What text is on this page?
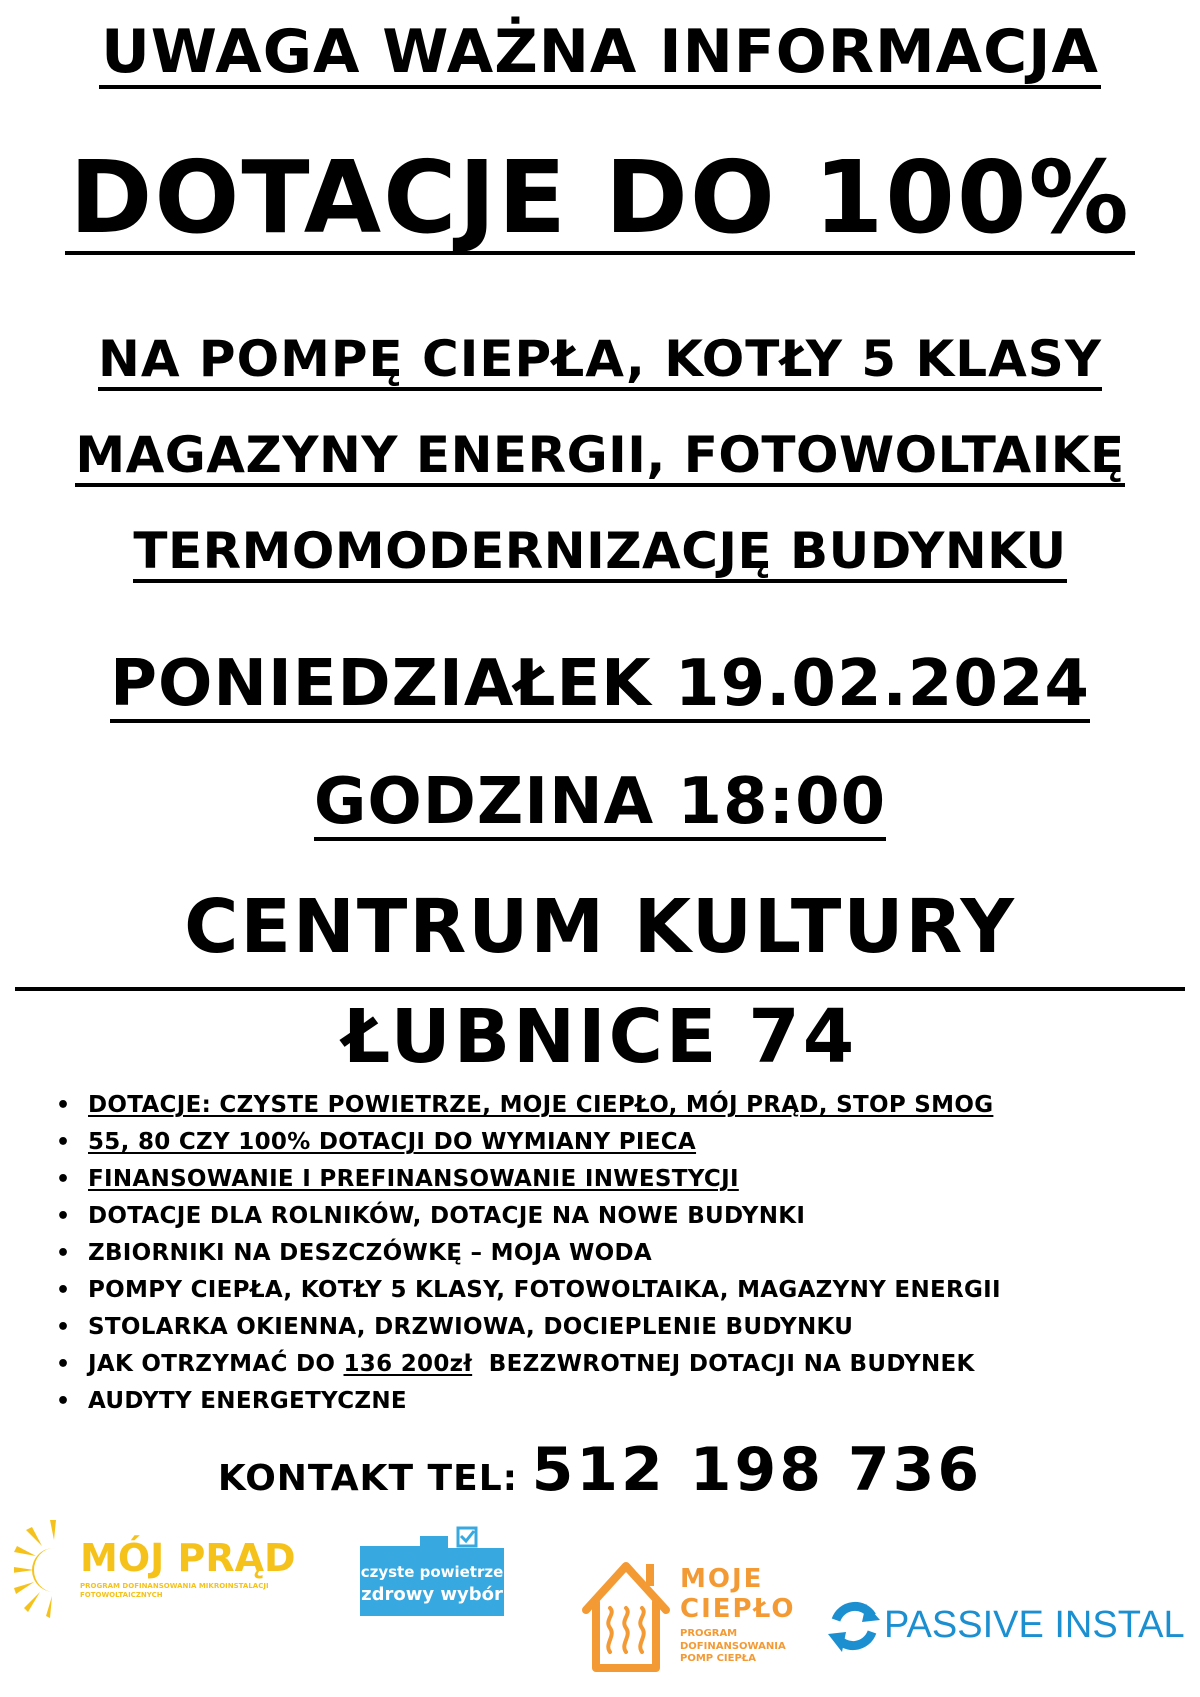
UWAGA WAŻNA INFORMACJA
DOTACJE DO 100%
NA POMPĘ CIEPŁA, KOTŁY 5 KLASY
MAGAZYNY ENERGII, FOTOWOLTAIKĘ
TERMOMODERNIZACJĘ BUDYNKU
PONIEDZIAŁEK 19.02.2024
GODZINA 18:00
CENTRUM KULTURY
ŁUBNICE 74
• DOTACJE: CZYSTE POWIETRZE, MOJE CIEPŁO, MÓJ PRĄD, STOP SMOG
• 55, 80 CZY 100% DOTACJI DO WYMIANY PIECA
• FINANSOWANIE I PREFINANSOWANIE INWESTYCJI
• DOTACJE DLA ROLNIKÓW, DOTACJE NA NOWE BUDYNKI
• ZBIORNIKI NA DESZCZÓWKĘ – MOJA WODA
• POMPY CIEPŁA, KOTŁY 5 KLASY, FOTOWOLTAIKA, MAGAZYNY ENERGII
• STOLARKA OKIENNA, DRZWIOWA, DOCIEPLENIE BUDYNKU
• JAK OTRZYMAĆ DO 136 200zł  BEZZWROTNEJ DOTACJI NA BUDYNEK
• AUDYTY ENERGETYCZNE
KONTAKT TEL: 512 198 736
MÓJ PRĄD
PROGRAM DOFINANSOWANIA MIKROINSTALACJI FOTOWOLTAICZNYCH
czyste powietrze
zdrowy wybór
MOJE
CIEPŁO
PROGRAM DOFINANSOWANIA POMP CIEPŁA
PASSIVE INSTAL
